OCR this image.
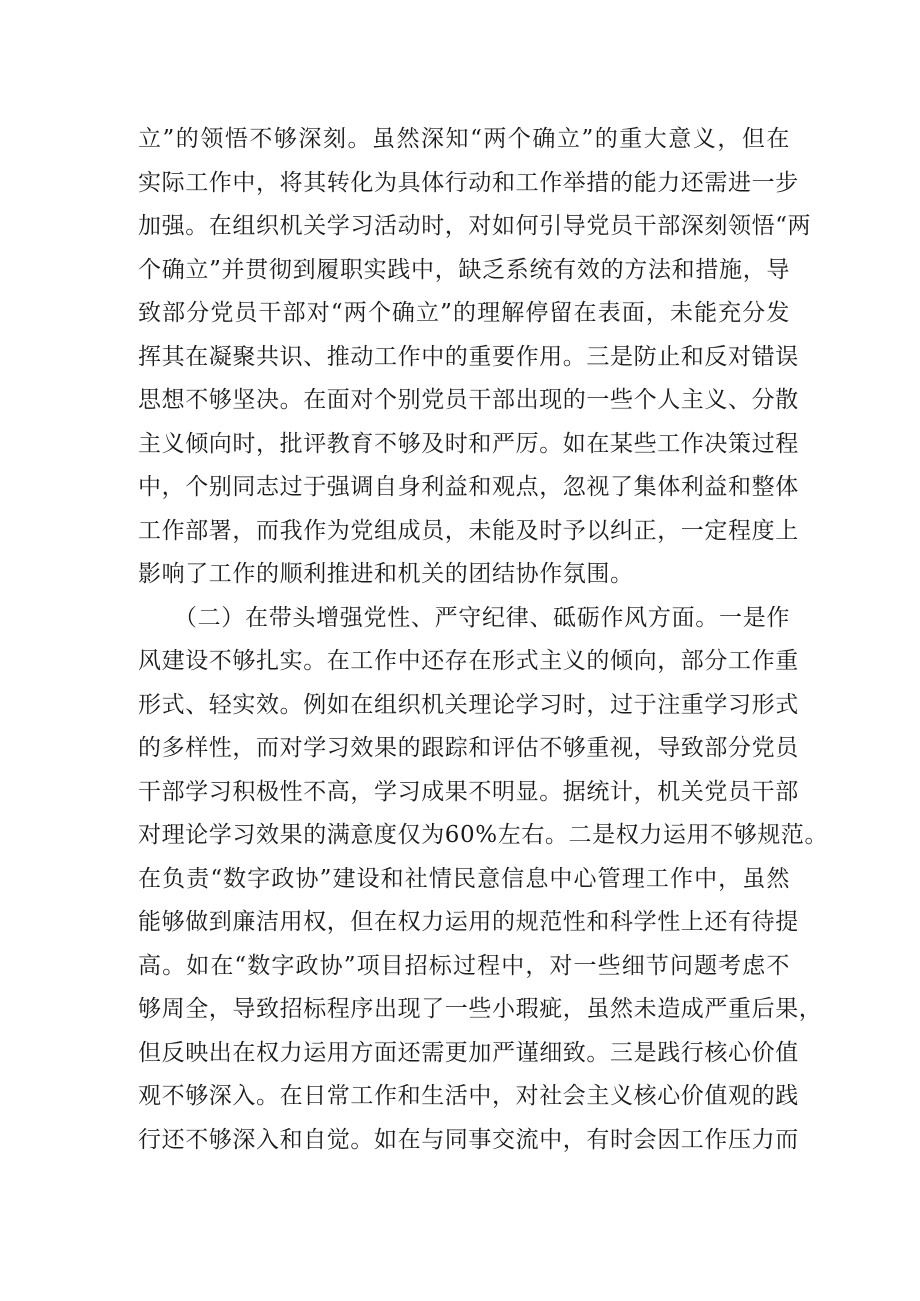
立”的领悟不够深刻。虽然深知“两个确立”的重大意义，但在
实际工作中，将其转化为具体行动和工作举措的能力还需进一步
加强。在组织机关学习活动时，对如何引导党员干部深刻领悟“两
个确立”并贯彻到履职实践中，缺乏系统有效的方法和措施，导
致部分党员干部对“两个确立”的理解停留在表面，未能充分发
挥其在凝聚共识、推动工作中的重要作用。三是防止和反对错误
思想不够坚决。在面对个别党员干部出现的一些个人主义、分散
主义倾向时，批评教育不够及时和严厉。如在某些工作决策过程
中，个别同志过于强调自身利益和观点，忽视了集体利益和整体
工作部署，而我作为党组成员，未能及时予以纠正，一定程度上
影响了工作的顺利推进和机关的团结协作氛围。
　　（二）在带头增强党性、严守纪律、砥砺作风方面。一是作
风建设不够扎实。在工作中还存在形式主义的倾向，部分工作重
形式、轻实效。例如在组织机关理论学习时，过于注重学习形式
的多样性，而对学习效果的跟踪和评估不够重视，导致部分党员
干部学习积极性不高，学习成果不明显。据统计，机关党员干部
对理论学习效果的满意度仅为60%左右。二是权力运用不够规范。
在负责“数字政协”建设和社情民意信息中心管理工作中，虽然
能够做到廉洁用权，但在权力运用的规范性和科学性上还有待提
高。如在“数字政协”项目招标过程中，对一些细节问题考虑不
够周全，导致招标程序出现了一些小瑕疵，虽然未造成严重后果，
但反映出在权力运用方面还需更加严谨细致。三是践行核心价值
观不够深入。在日常工作和生活中，对社会主义核心价值观的践
行还不够深入和自觉。如在与同事交流中，有时会因工作压力而
